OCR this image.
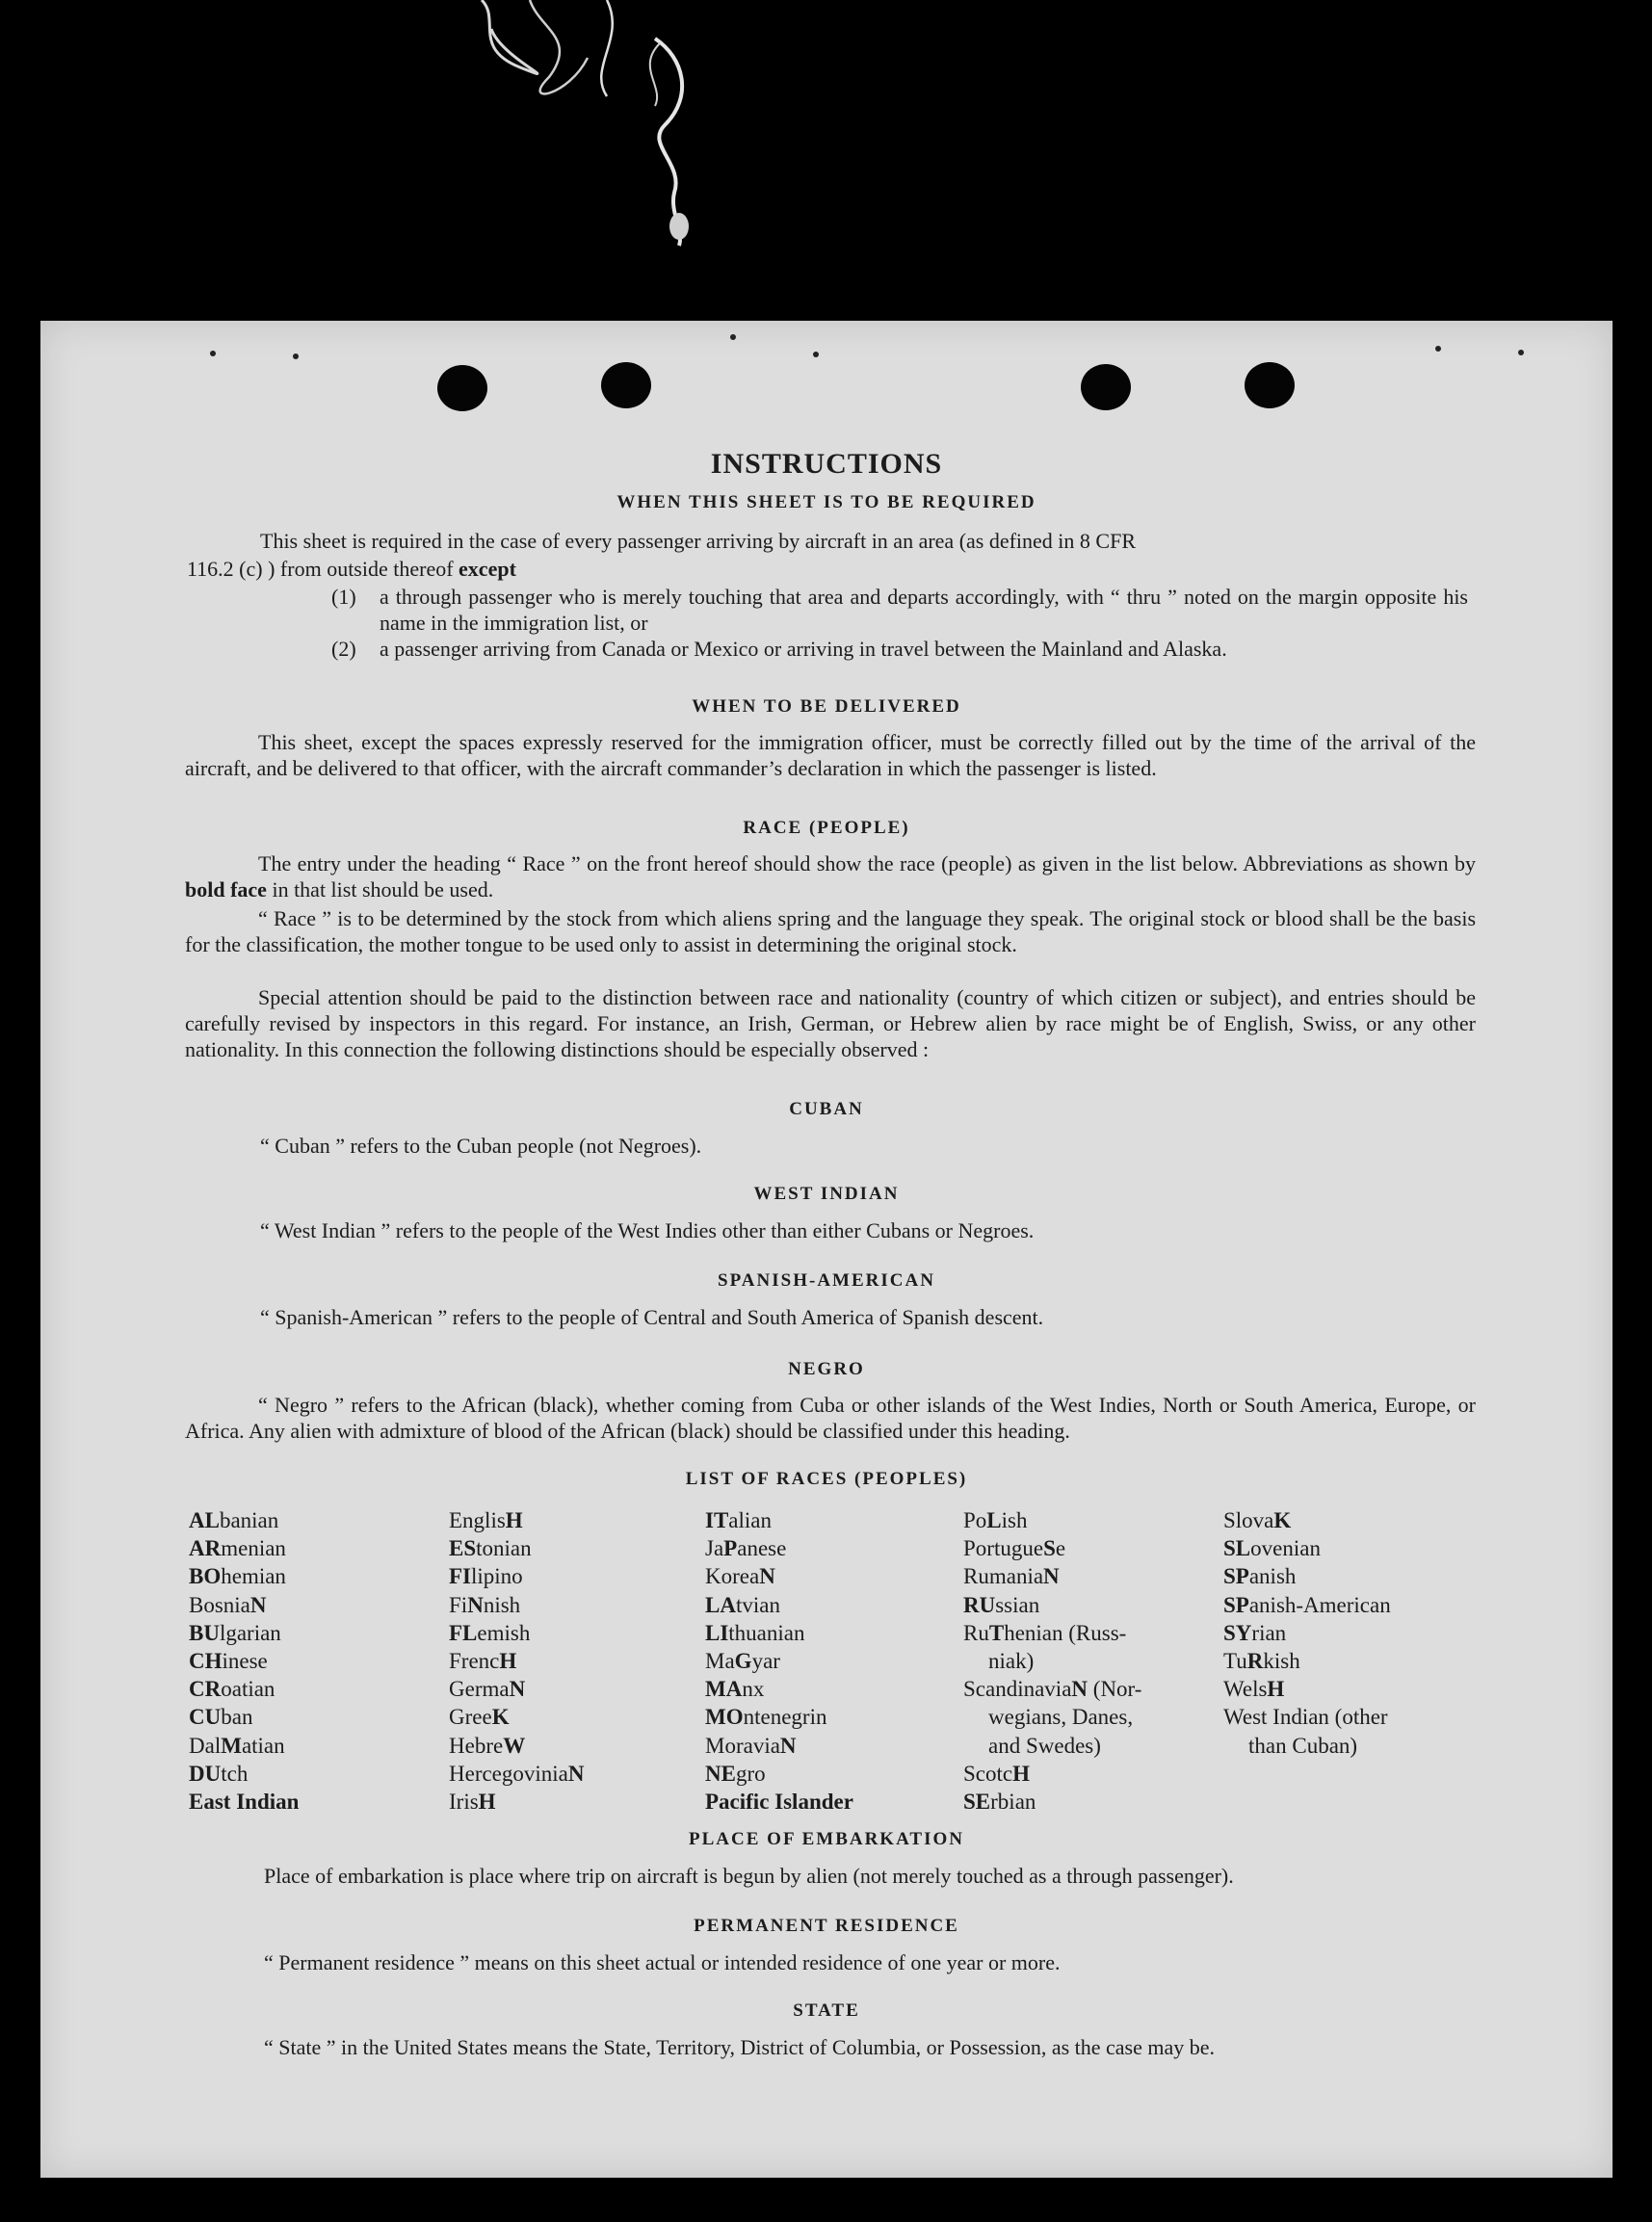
INSTRUCTIONS
WHEN THIS SHEET IS TO BE REQUIRED
This sheet is required in the case of every passenger arriving by aircraft in an area (as defined in 8 CFR
116.2 (c) ) from outside thereof except
(1) a through passenger who is merely touching that area and departs accordingly, with “ thru ” noted on the margin opposite his name in the immigration list, or
(2) a passenger arriving from Canada or Mexico or arriving in travel between the Mainland and Alaska.
WHEN TO BE DELIVERED
This sheet, except the spaces expressly reserved for the immigration officer, must be correctly filled out by the time of the arrival of the aircraft, and be delivered to that officer, with the aircraft commander’s declaration in which the passenger is listed.
RACE (PEOPLE)
The entry under the heading “ Race ” on the front hereof should show the race (people) as given in the list below. Abbreviations as shown by bold face in that list should be used.
“ Race ” is to be determined by the stock from which aliens spring and the language they speak. The original stock or blood shall be the basis for the classification, the mother tongue to be used only to assist in determining the original stock.
Special attention should be paid to the distinction between race and nationality (country of which citizen or subject), and entries should be carefully revised by inspectors in this regard. For instance, an Irish, German, or Hebrew alien by race might be of English, Swiss, or any other nationality. In this connection the following distinctions should be especially observed :
CUBAN
“ Cuban ” refers to the Cuban people (not Negroes).
WEST INDIAN
“ West Indian ” refers to the people of the West Indies other than either Cubans or Negroes.
SPANISH-AMERICAN
“ Spanish-American ” refers to the people of Central and South America of Spanish descent.
NEGRO
“ Negro ” refers to the African (black), whether coming from Cuba or other islands of the West Indies, North or South America, Europe, or Africa. Any alien with admixture of blood of the African (black) should be classified under this heading.
LIST OF RACES (PEOPLES)
ALbanian
ARmenian
BOhemian
BosniaN
BUlgarian
CHinese
CRoatian
CUban
DalMatian
DUtch
East Indian
EnglisH
EStonian
FIlipino
FiNnish
FLemish
FrencH
GermaN
GreeK
HebreW
HercegoviniaN
IrisH
ITalian
JaPanese
KoreaN
LAtvian
LIthuanian
MaGyar
MAnx
MOntenegrin
MoraviaN
NEgro
Pacific Islander
PoLish
PortugueSe
RumaniaN
RUssian
RuThenian (Russ-
niak)
ScandinaviaN (Nor-
wegians, Danes,
and Swedes)
ScotcH
SErbian
SlovaK
SLovenian
SPanish
SPanish-American
SYrian
TuRkish
WelsH
West Indian (other
than Cuban)
PLACE OF EMBARKATION
Place of embarkation is place where trip on aircraft is begun by alien (not merely touched as a through passenger).
PERMANENT RESIDENCE
“ Permanent residence ” means on this sheet actual or intended residence of one year or more.
STATE
“ State ” in the United States means the State, Territory, District of Columbia, or Possession, as the case may be.
